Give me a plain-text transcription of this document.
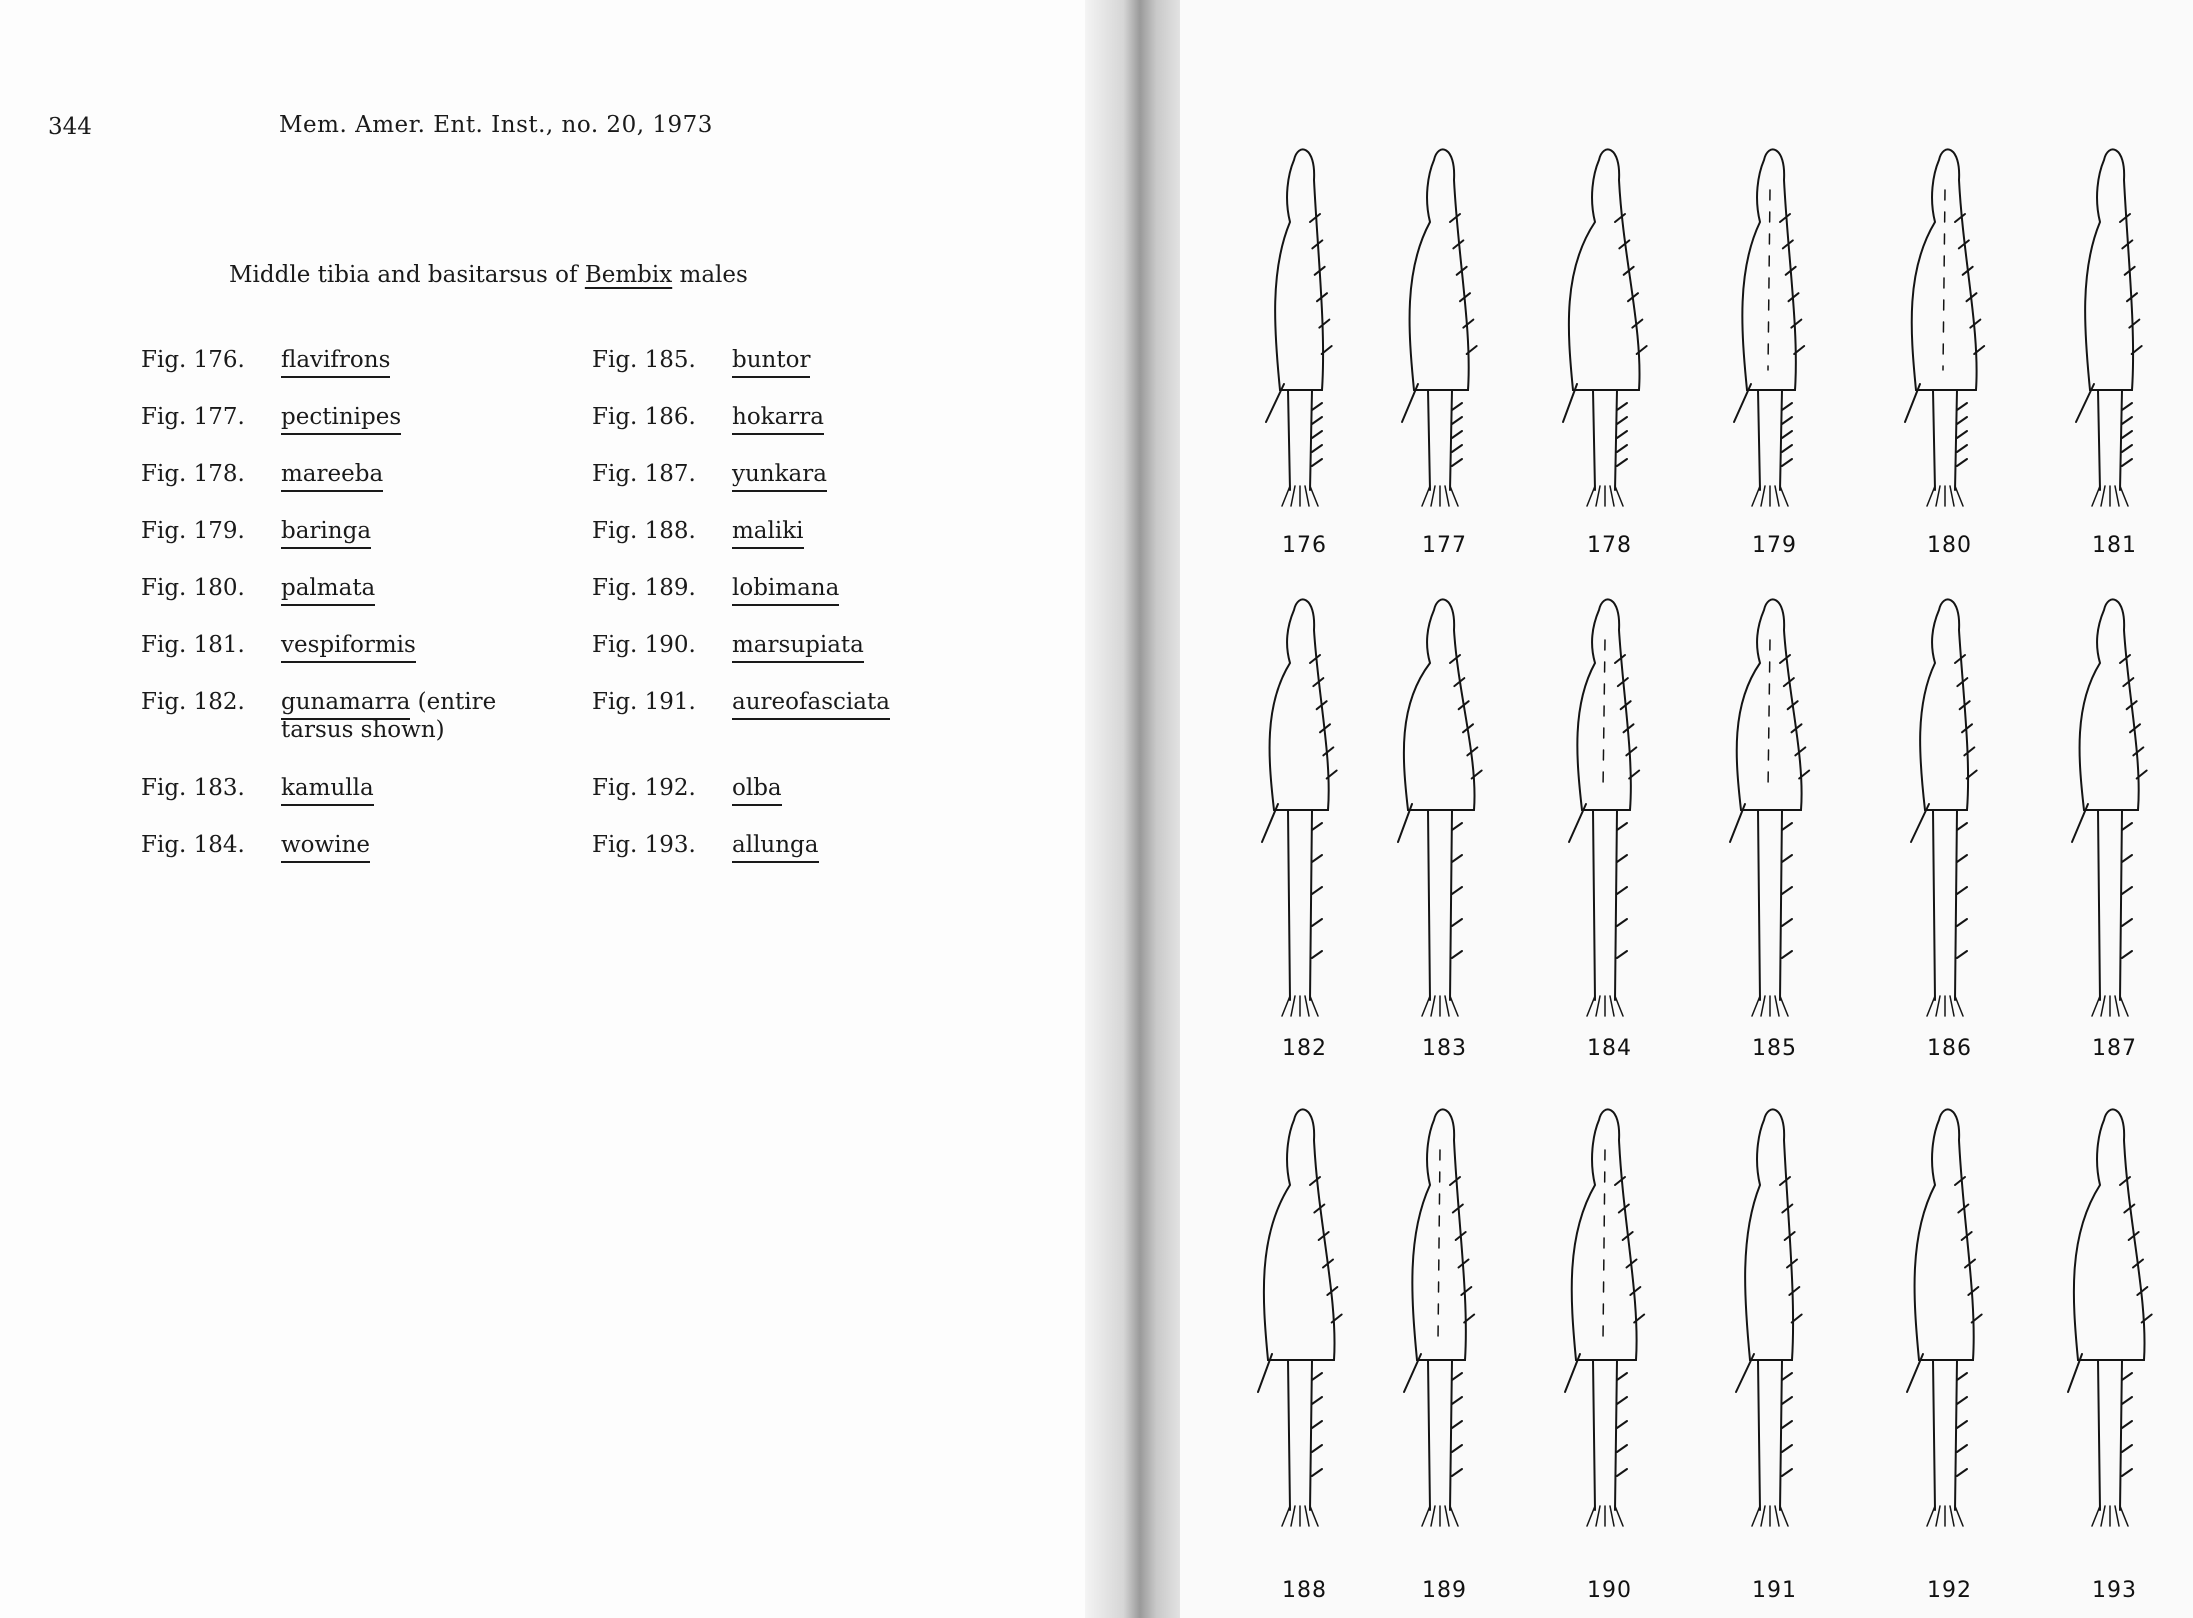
344	Mem. Amer. Ent. Inst., no. 20, 1973
Middle tibia and basitarsus of Bembix males
Fig. 176. flavifrons
Fig. 177. pectinipes
Fig. 178. mareeba
Fig. 179. baringa
Fig. 180. palmata
Fig. 181. vespiformis
Fig. 182. gunamarra (entire
tarsus shown)
Fig. 183. kamulla
Fig. 184. wowine
Fig. 185. buntor
Fig. 186. hokarra
Fig. 187. yunkara
Fig. 188. maliki
Fig. 189. lobimana
Fig. 190. marsupiata
Fig. 191. aureofasciata
Fig. 192. olba
Fig. 193. allunga
176	177	178	179	180	181
182	183	184	185	186	187
188	189	190	191	192	193
